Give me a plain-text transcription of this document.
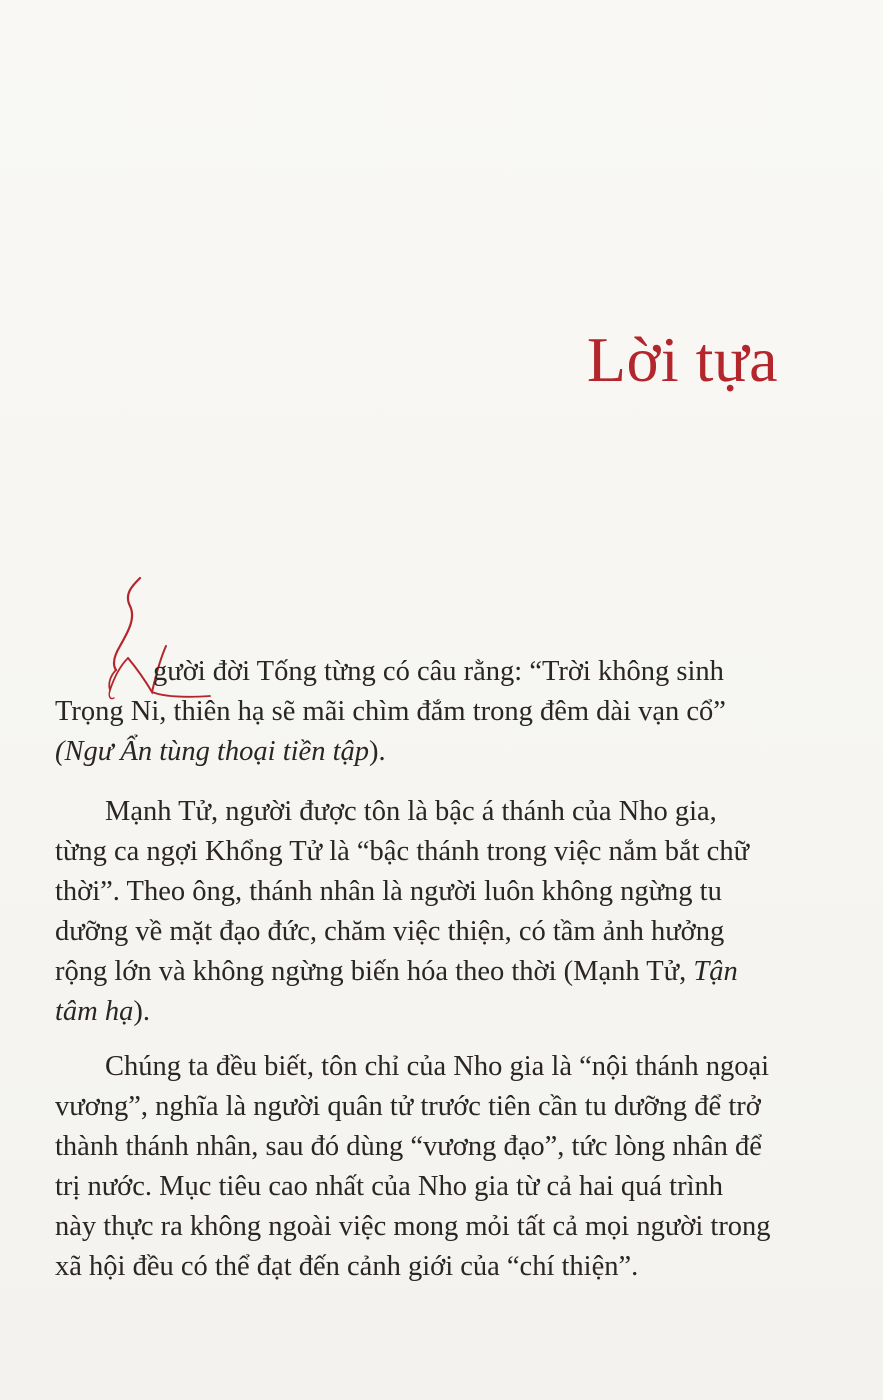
Lời tựa

gười đời Tống từng có câu rằng: “Trời không sinh
Trọng Ni, thiên hạ sẽ mãi chìm đắm trong đêm dài vạn cổ”
(Ngư Ẩn tùng thoại tiền tập).

Mạnh Tử, người được tôn là bậc á thánh của Nho gia,
từng ca ngợi Khổng Tử là “bậc thánh trong việc nắm bắt chữ
thời”. Theo ông, thánh nhân là người luôn không ngừng tu
dưỡng về mặt đạo đức, chăm việc thiện, có tầm ảnh hưởng
rộng lớn và không ngừng biến hóa theo thời (Mạnh Tử, Tận
tâm hạ).

Chúng ta đều biết, tôn chỉ của Nho gia là “nội thánh ngoại
vương”, nghĩa là người quân tử trước tiên cần tu dưỡng để trở
thành thánh nhân, sau đó dùng “vương đạo”, tức lòng nhân để
trị nước. Mục tiêu cao nhất của Nho gia từ cả hai quá trình
này thực ra không ngoài việc mong mỏi tất cả mọi người trong
xã hội đều có thể đạt đến cảnh giới của “chí thiện”.
